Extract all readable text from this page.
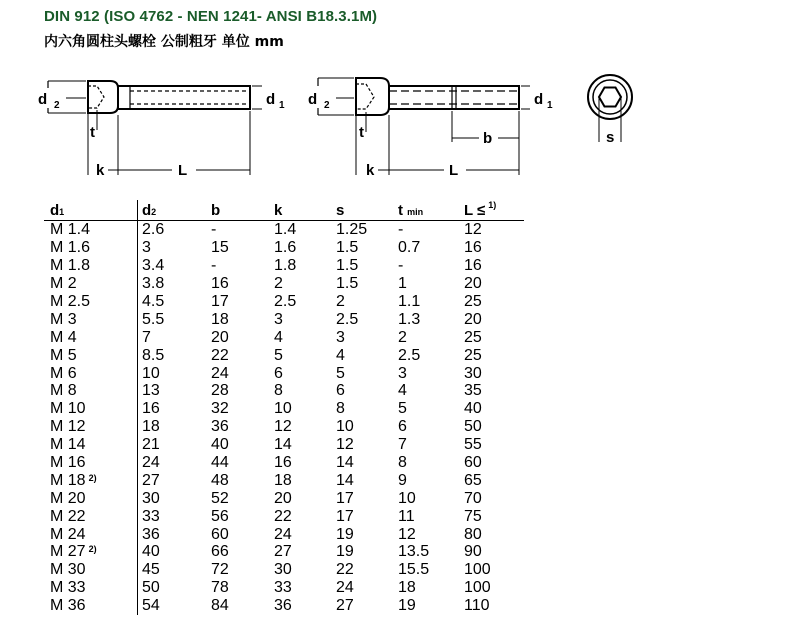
DIN 912 (ISO 4762 - NEN 1241- ANSI B18.3.1M)
内六角圆柱头螺栓 公制粗牙 单位 mm
d 2	d 1
t
k	L
d 2	d 1
t	b
k	L
s
d1	d2	b	k	s	t min	L ≤ $^{1)}$
M 1.4	2.6	-	1.4	1.25	-	12
M 1.6	3	15	1.6	1.5	0.7	16
M 1.8	3.4	-	1.8	1.5	-	16
M 2	3.8	16	2	1.5	1	20
M 2.5	4.5	17	2.5	2	1.1	25
M 3	5.5	18	3	2.5	1.3	20
M 4	7	20	4	3	2	25
M 5	8.5	22	5	4	2.5	25
M 6	10	24	6	5	3	30
M 8	13	28	8	6	4	35
M 10	16	32	10	8	5	40
M 12	18	36	12	10	6	50
M 14	21	40	14	12	7	55
M 16	24	44	16	14	8	60
M 18 $^{2)}$	27	48	18	14	9	65
M 20	30	52	20	17	10	70
M 22	33	56	22	17	11	75
M 24	36	60	24	19	12	80
M 27 $^{2)}$	40	66	27	19	13.5	90
M 30	45	72	30	22	15.5	100
M 33	50	78	33	24	18	100
M 36	54	84	36	27	19	110
